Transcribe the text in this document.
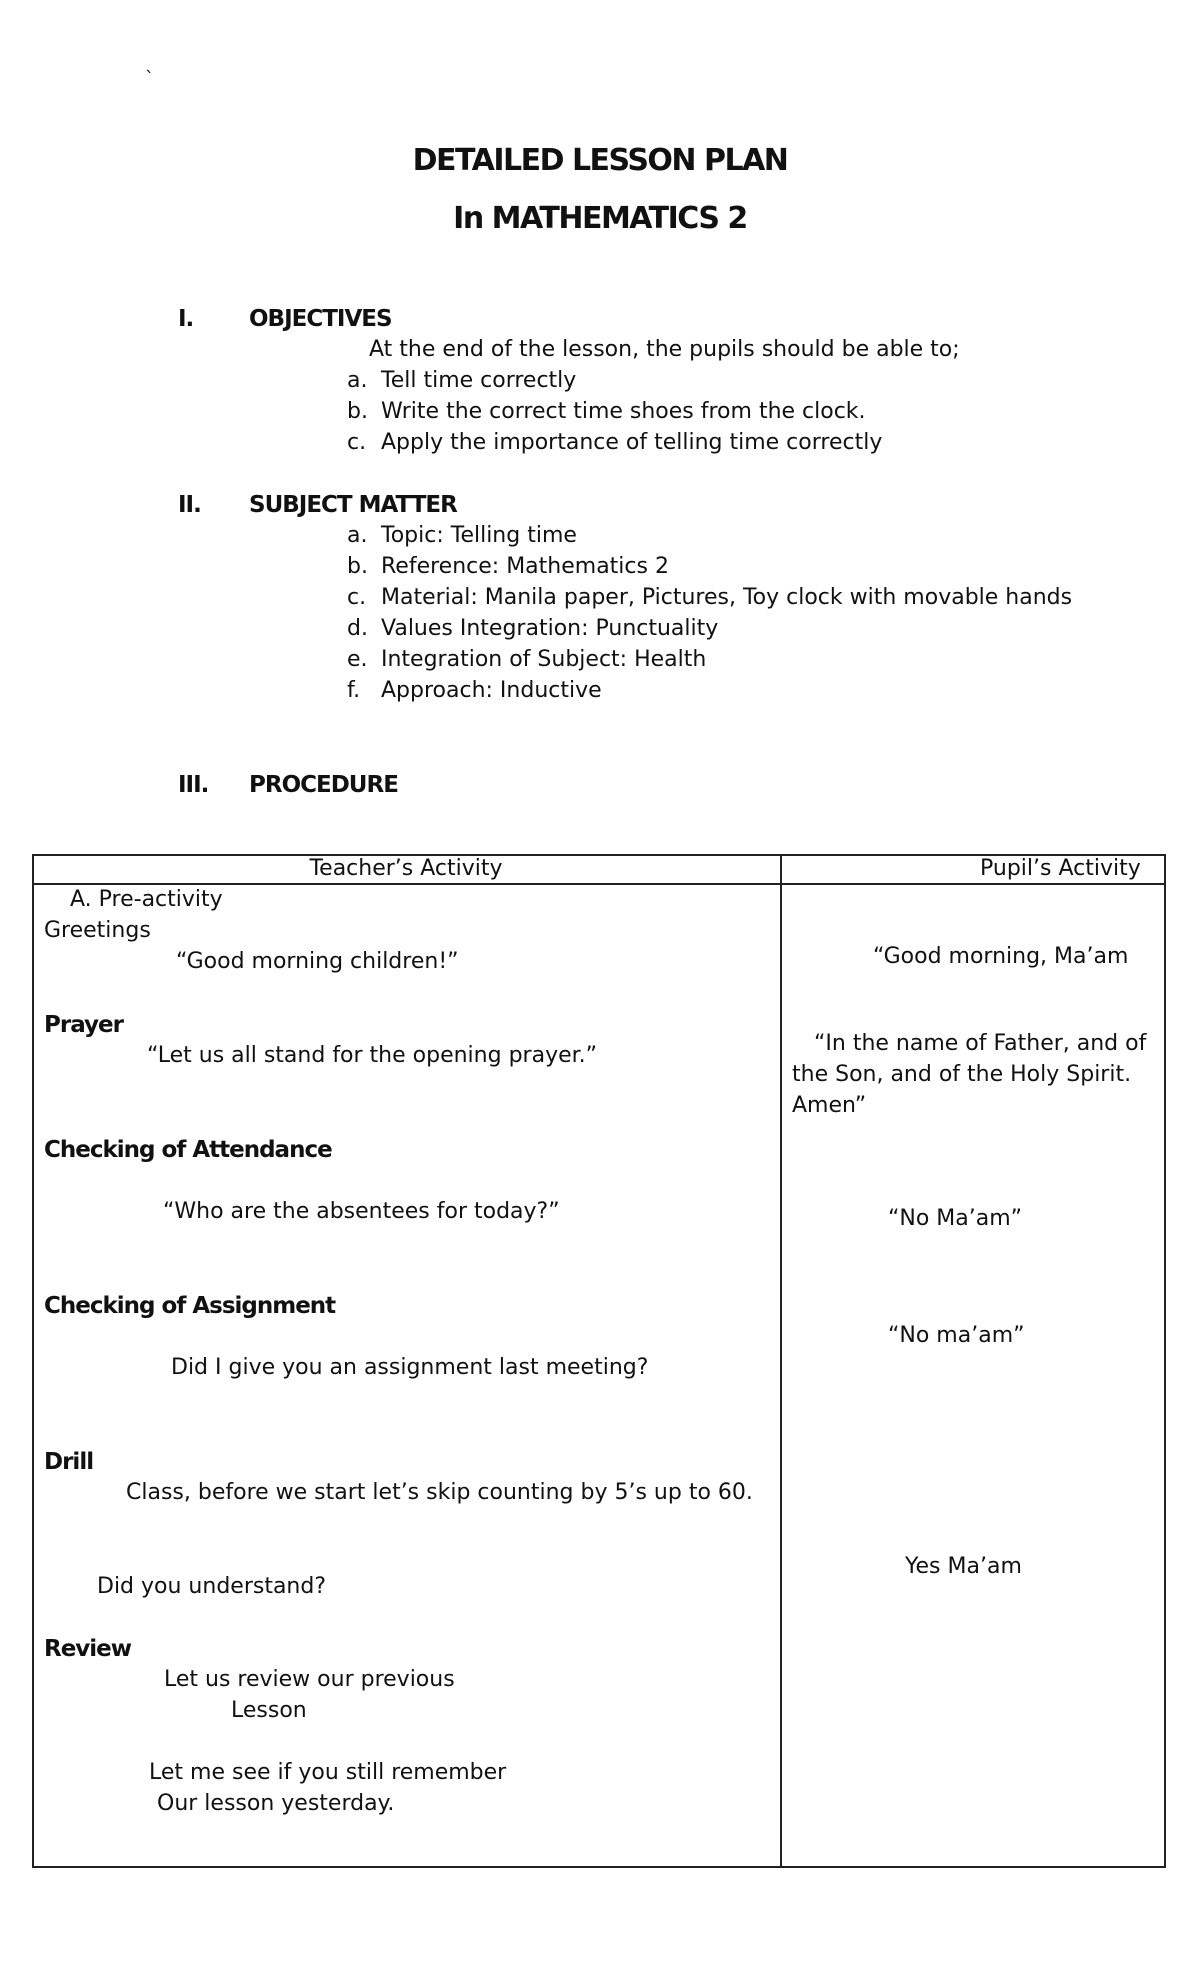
`
DETAILED LESSON PLAN
In MATHEMATICS 2
I. OBJECTIVES
At the end of the lesson, the pupils should be able to;
a. Tell time correctly
b. Write the correct time shoes from the clock.
c. Apply the importance of telling time correctly
II. SUBJECT MATTER
a. Topic: Telling time
b. Reference: Mathematics 2
c. Material: Manila paper, Pictures, Toy clock with movable hands
d. Values Integration: Punctuality
e. Integration of Subject: Health
f. Approach: Inductive
III. PROCEDURE
Teacher’s Activity	Pupil’s Activity
A. Pre-activity
Greetings
“Good morning children!”
Prayer
“Let us all stand for the opening prayer.”
Checking of Attendance
“Who are the absentees for today?”
Checking of Assignment
Did I give you an assignment last meeting?
Drill
Class, before we start let’s skip counting by 5’s up to 60.
Did you understand?
Review
Let us review our previous
Lesson
Let me see if you still remember
Our lesson yesterday.
“Good morning, Ma’am
“In the name of Father, and of
the Son, and of the Holy Spirit.
Amen”
“No Ma’am”
“No ma’am”
Yes Ma’am
